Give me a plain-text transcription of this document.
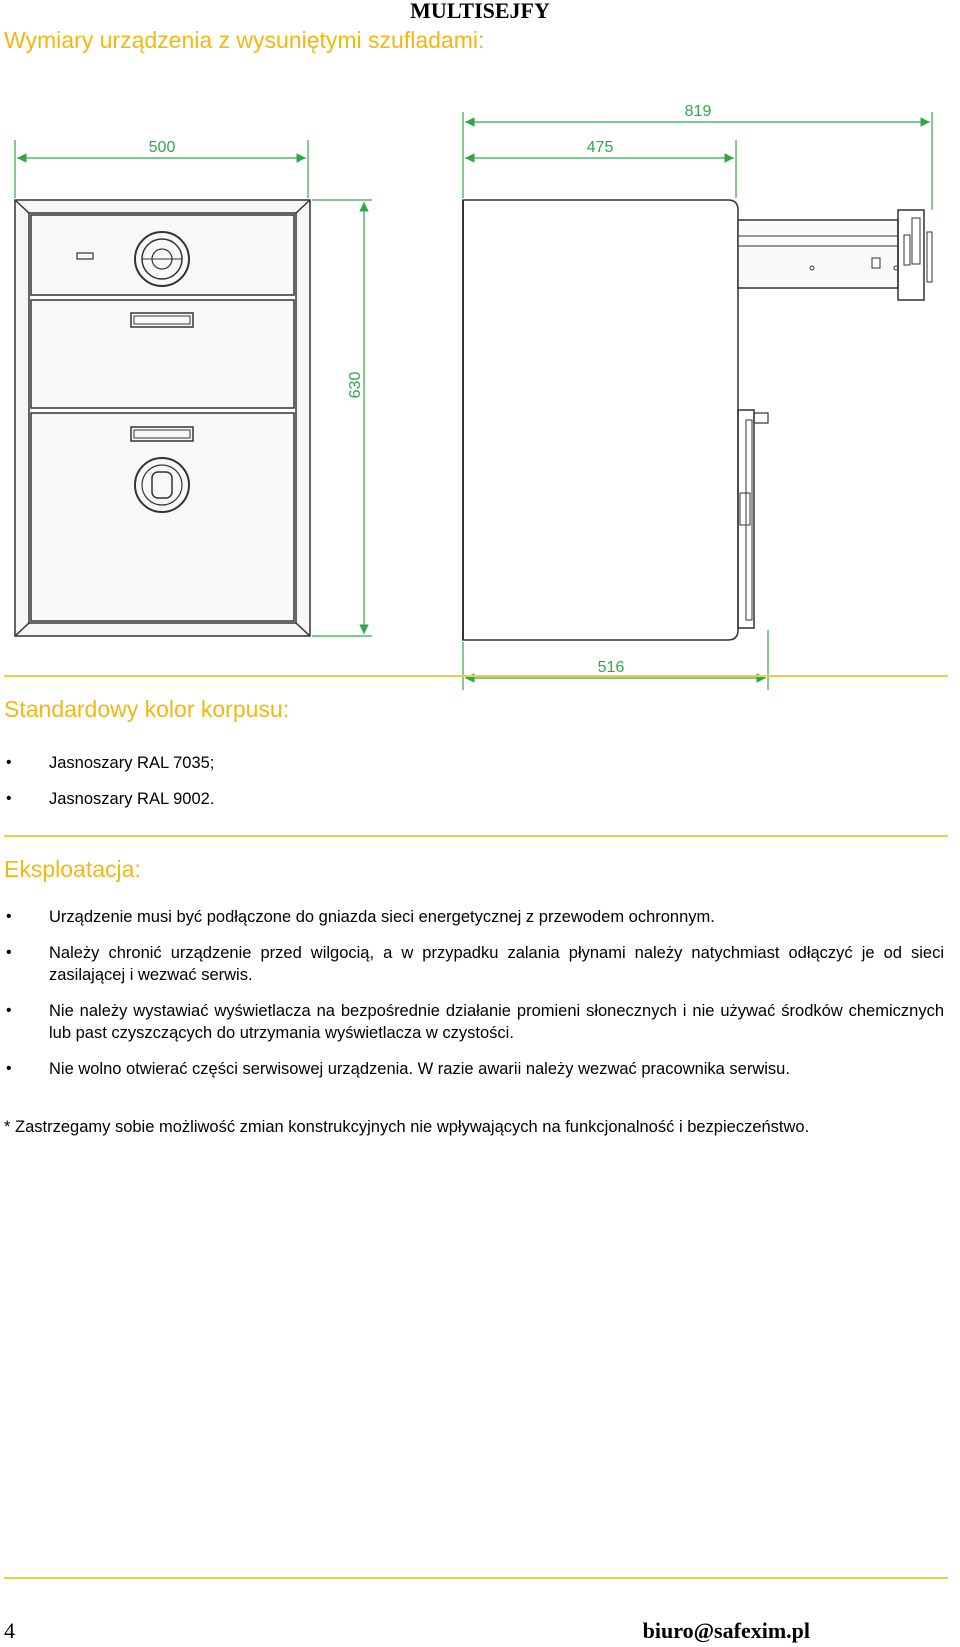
MULTISEJFY
Wymiary urządzenia z wysuniętymi szufladami:
500
630
819
475
516
Standardowy kolor korpusu:
• Jasnoszary RAL 7035;
• Jasnoszary RAL 9002.
Eksploatacja:
• Urządzenie musi być podłączone do gniazda sieci energetycznej z przewodem ochronnym.
• Należy chronić urządzenie przed wilgocią, a w przypadku zalania płynami należy natychmiast odłączyć je od sieci zasilającej i wezwać serwis.
• Nie należy wystawiać wyświetlacza na bezpośrednie działanie promieni słonecznych i nie używać środków chemicznych lub past czyszczących do utrzymania wyświetlacza w czystości.
• Nie wolno otwierać części serwisowej urządzenia. W razie awarii należy wezwać pracownika serwisu.
* Zastrzegamy sobie możliwość zmian konstrukcyjnych nie wpływających na funkcjonalność i bezpieczeństwo.
4	biuro@safexim.pl
